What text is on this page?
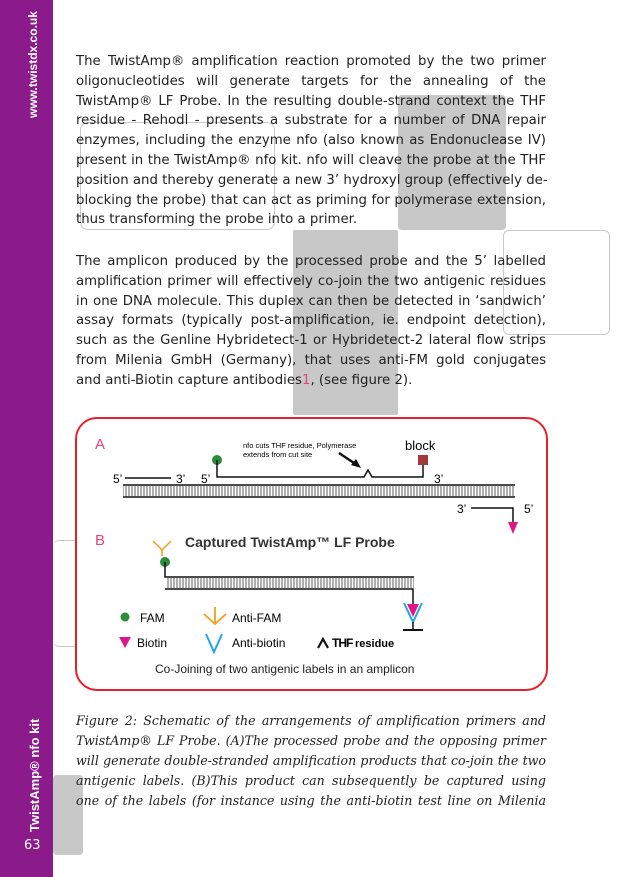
www.twistdx.co.uk
TwistAmp® nfo kit
63
The TwistAmp® amplification reaction promoted by the two primer
oligonucleotides will generate targets for the annealing of the
TwistAmp® LF Probe. In the resulting double-strand context the THF
residue - Rehodl - presents a substrate for a number of DNA repair
enzymes, including the enzyme nfo (also known as Endonuclease IV)
present in the TwistAmp® nfo kit. nfo will cleave the probe at the THF
position and thereby generate a new 3’ hydroxyl group (effectively de-
blocking the probe) that can act as priming for polymerase extension,
thus transforming the probe into a primer.
The amplicon produced by the processed probe and the 5’ labelled
amplification primer will effectively co-join the two antigenic residues
in one DNA molecule. This duplex can then be detected in ‘sandwich’
assay formats (typically post-amplification, ie. endpoint detection),
such as the Genline Hybridetect-1 or Hybridetect-2 lateral flow strips
from Milenia GmbH (Germany), that uses anti-FM gold conjugates
and anti-Biotin capture antibodies1, (see figure 2).
A
B
5’	3’ 5’
block
3’
nfo cuts THF residue, Polymerase
extends from cut site
3’	5’
Captured TwistAmp™ LF Probe
FAM	Anti-FAM
Biotin	Anti-biotin	THF residue
Co-Joining of two antigenic labels in an amplicon
Figure 2: Schematic of the arrangements of amplification primers and
TwistAmp® LF Probe. (A)The processed probe and the opposing primer
will generate double-stranded amplification products that co-join the two
antigenic labels. (B)This product can subsequently be captured using
one of the labels (for instance using the anti-biotin test line on Milenia
